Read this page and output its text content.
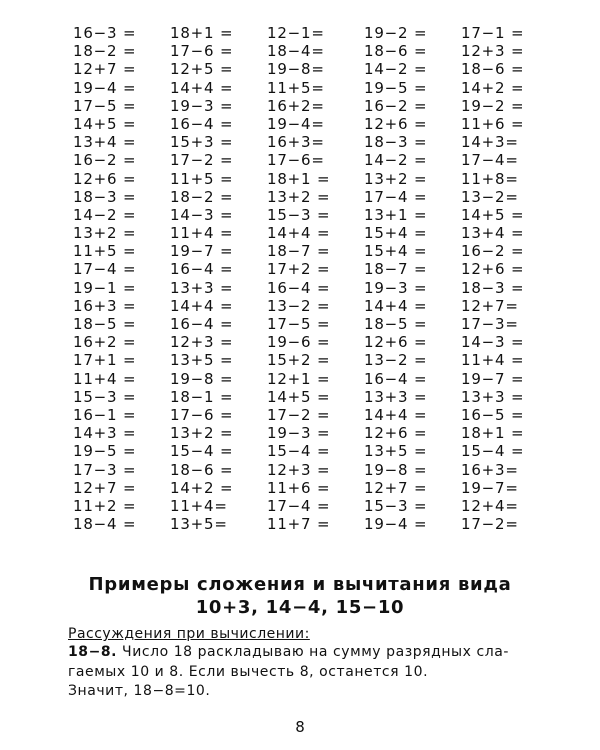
16−3 =	18+1 =	12−1=	19−2 =	17−1 =
18−2 =	17−6 =	18−4=	18−6 =	12+3 =
12+7 =	12+5 =	19−8=	14−2 =	18−6 =
19−4 =	14+4 =	11+5=	19−5 =	14+2 =
17−5 =	19−3 =	16+2=	16−2 =	19−2 =
14+5 =	16−4 =	19−4=	12+6 =	11+6 =
13+4 =	15+3 =	16+3=	18−3 =	14+3=
16−2 =	17−2 =	17−6=	14−2 =	17−4=
12+6 =	11+5 =	18+1 =	13+2 =	11+8=
18−3 =	18−2 =	13+2 =	17−4 =	13−2=
14−2 =	14−3 =	15−3 =	13+1 =	14+5 =
13+2 =	11+4 =	14+4 =	15+4 =	13+4 =
11+5 =	19−7 =	18−7 =	15+4 =	16−2 =
17−4 =	16−4 =	17+2 =	18−7 =	12+6 =
19−1 =	13+3 =	16−4 =	19−3 =	18−3 =
16+3 =	14+4 =	13−2 =	14+4 =	12+7=
18−5 =	16−4 =	17−5 =	18−5 =	17−3=
16+2 =	12+3 =	19−6 =	12+6 =	14−3 =
17+1 =	13+5 =	15+2 =	13−2 =	11+4 =
11+4 =	19−8 =	12+1 =	16−4 =	19−7 =
15−3 =	18−1 =	14+5 =	13+3 =	13+3 =
16−1 =	17−6 =	17−2 =	14+4 =	16−5 =
14+3 =	13+2 =	19−3 =	12+6 =	18+1 =
19−5 =	15−4 =	15−4 =	13+5 =	15−4 =
17−3 =	18−6 =	12+3 =	19−8 =	16+3=
12+7 =	14+2 =	11+6 =	12+7 =	19−7=
11+2 =	11+4=	17−4 =	15−3 =	12+4=
18−4 =	13+5=	11+7 =	19−4 =	17−2=
Примеры сложения и вычитания вида
10+3, 14−4, 15−10
Рассуждения при вычислении:
18−8. Число 18 раскладываю на сумму разрядных сла-
гаемых 10 и 8. Если вычесть 8, останется 10.
Значит, 18−8=10.
8
